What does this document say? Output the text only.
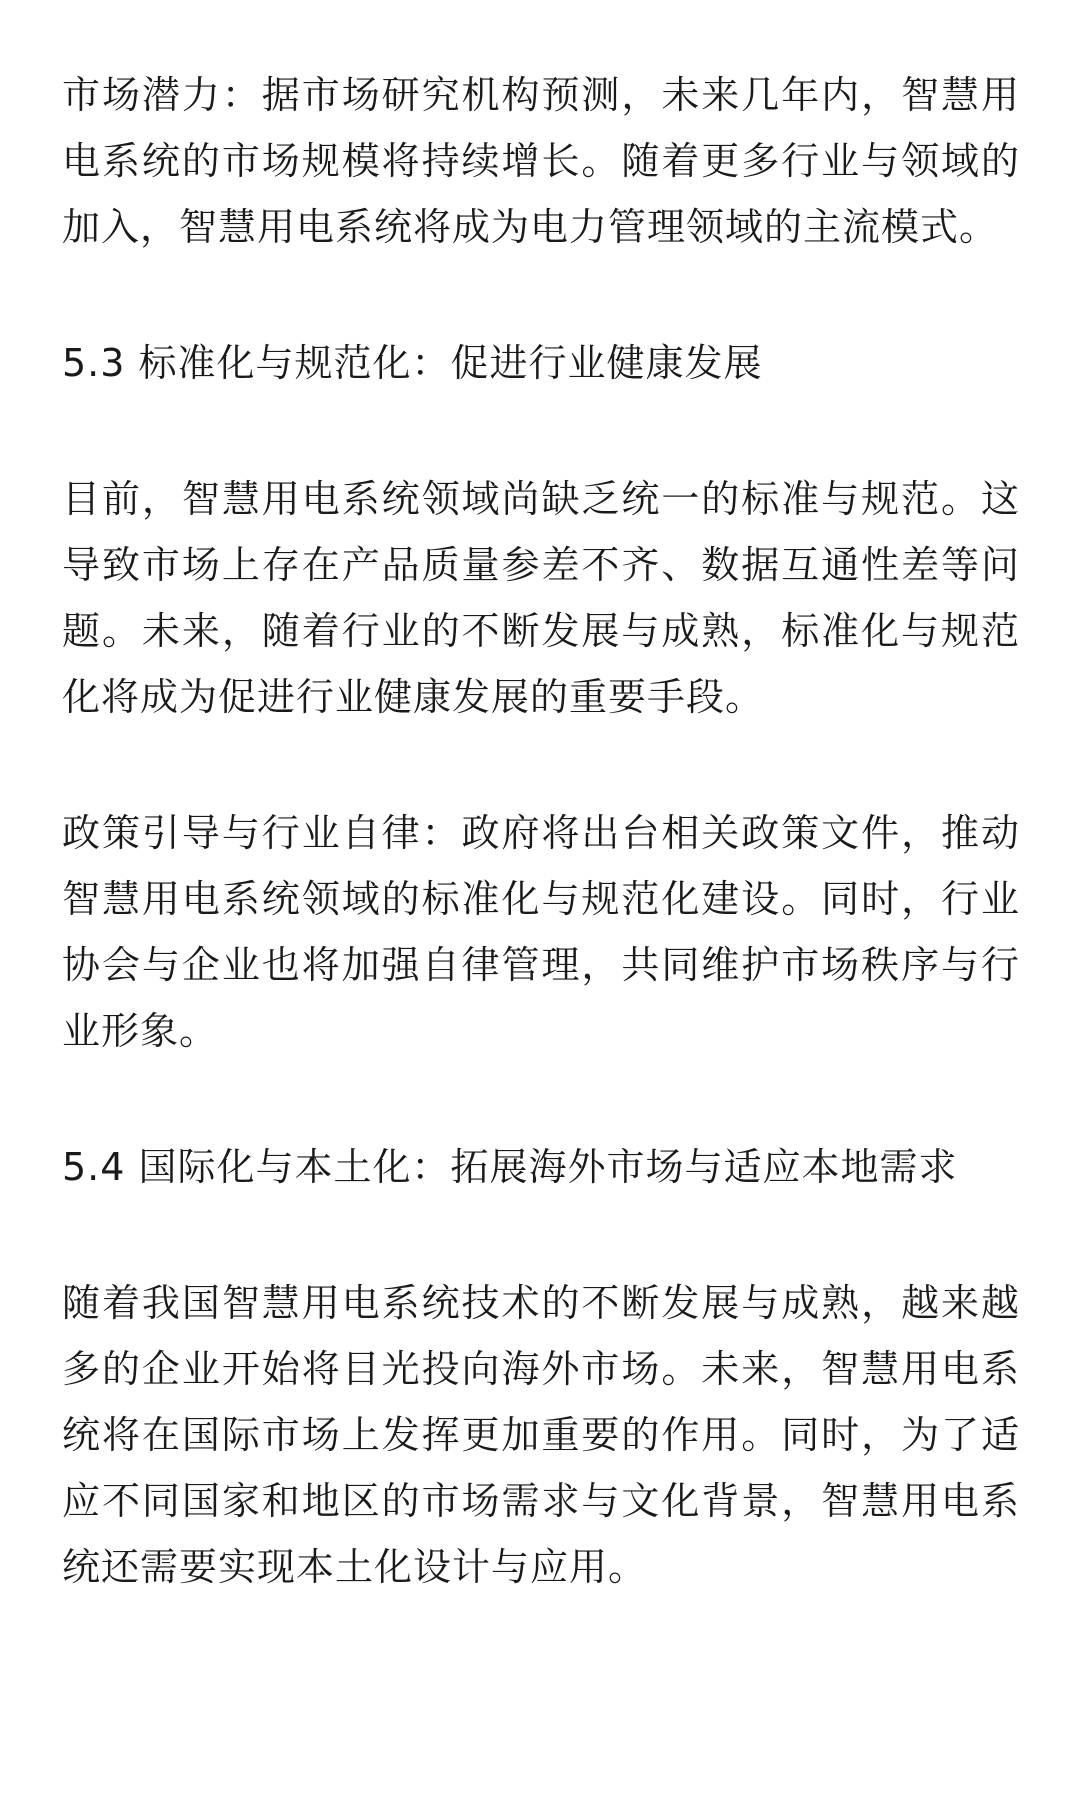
市场潜力：据市场研究机构预测，未来几年内，智慧用电系统的市场规模将持续增长。随着更多行业与领域的加入，智慧用电系统将成为电力管理领域的主流模式。

5.3 标准化与规范化：促进行业健康发展

目前，智慧用电系统领域尚缺乏统一的标准与规范。这导致市场上存在产品质量参差不齐、数据互通性差等问题。未来，随着行业的不断发展与成熟，标准化与规范化将成为促进行业健康发展的重要手段。

政策引导与行业自律：政府将出台相关政策文件，推动智慧用电系统领域的标准化与规范化建设。同时，行业协会与企业也将加强自律管理，共同维护市场秩序与行业形象。

5.4 国际化与本土化：拓展海外市场与适应本地需求

随着我国智慧用电系统技术的不断发展与成熟，越来越多的企业开始将目光投向海外市场。未来，智慧用电系统将在国际市场上发挥更加重要的作用。同时，为了适应不同国家和地区的市场需求与文化背景，智慧用电系统还需要实现本土化设计与应用。
